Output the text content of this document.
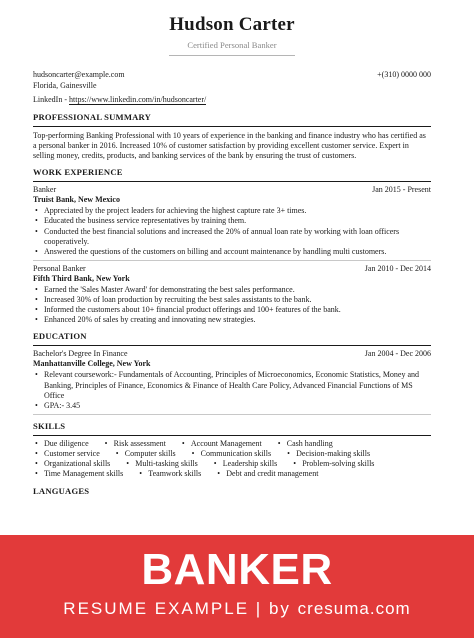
Hudson Carter
Certified Personal Banker
hudsoncarter@example.com	+(310) 0000 000
Florida, Gainesville
LinkedIn - https://www.linkedin.com/in/hudsoncarter/
PROFESSIONAL SUMMARY
Top-performing Banking Professional with 10 years of experience in the banking and finance industry who has certified as a personal banker in 2016. Increased 10% of customer satisfaction by providing excellent customer service. Expert in selling money, credits, products, and banking services of the bank by ensuring the trust of customers.
WORK EXPERIENCE
Banker	Jan 2015 - Present
Truist Bank, New Mexico
• Appreciated by the project leaders for achieving the highest capture rate 3+ times.
• Educated the business service representatives by training them.
• Conducted the best financial solutions and increased the 20% of annual loan rate by working with loan officers cooperatively.
• Answered the questions of the customers on billing and account maintenance by handling multi customers.
Personal Banker	Jan 2010 - Dec 2014
Fifth Third Bank, New York
• Earned the 'Sales Master Award' for demonstrating the best sales performance.
• Increased 30% of loan production by recruiting the best sales assistants to the bank.
• Informed the customers about 10+ financial product offerings and 100+ features of the bank.
• Enhanced 20% of sales by creating and innovating new strategies.
EDUCATION
Bachelor's Degree In Finance	Jan 2004 - Dec 2006
Manhattanville College, New York
• Relevant coursework:- Fundamentals of Accounting, Principles of Microeconomics, Economic Statistics, Money and Banking, Principles of Finance, Economics & Finance of Health Care Policy, Advanced Financial Functions of MS Office
• GPA:- 3.45
SKILLS
• Due diligence	• Risk assessment	• Account Management	• Cash handling
• Customer service	• Computer skills	• Communication skills	• Decision-making skills
• Organizational skills	• Multi-tasking skills	• Leadership skills	• Problem-solving skills
• Time Management skills	• Teamwork skills	• Debt and credit management
LANGUAGES
BANKER
RESUME EXAMPLE | by cresuma.com
